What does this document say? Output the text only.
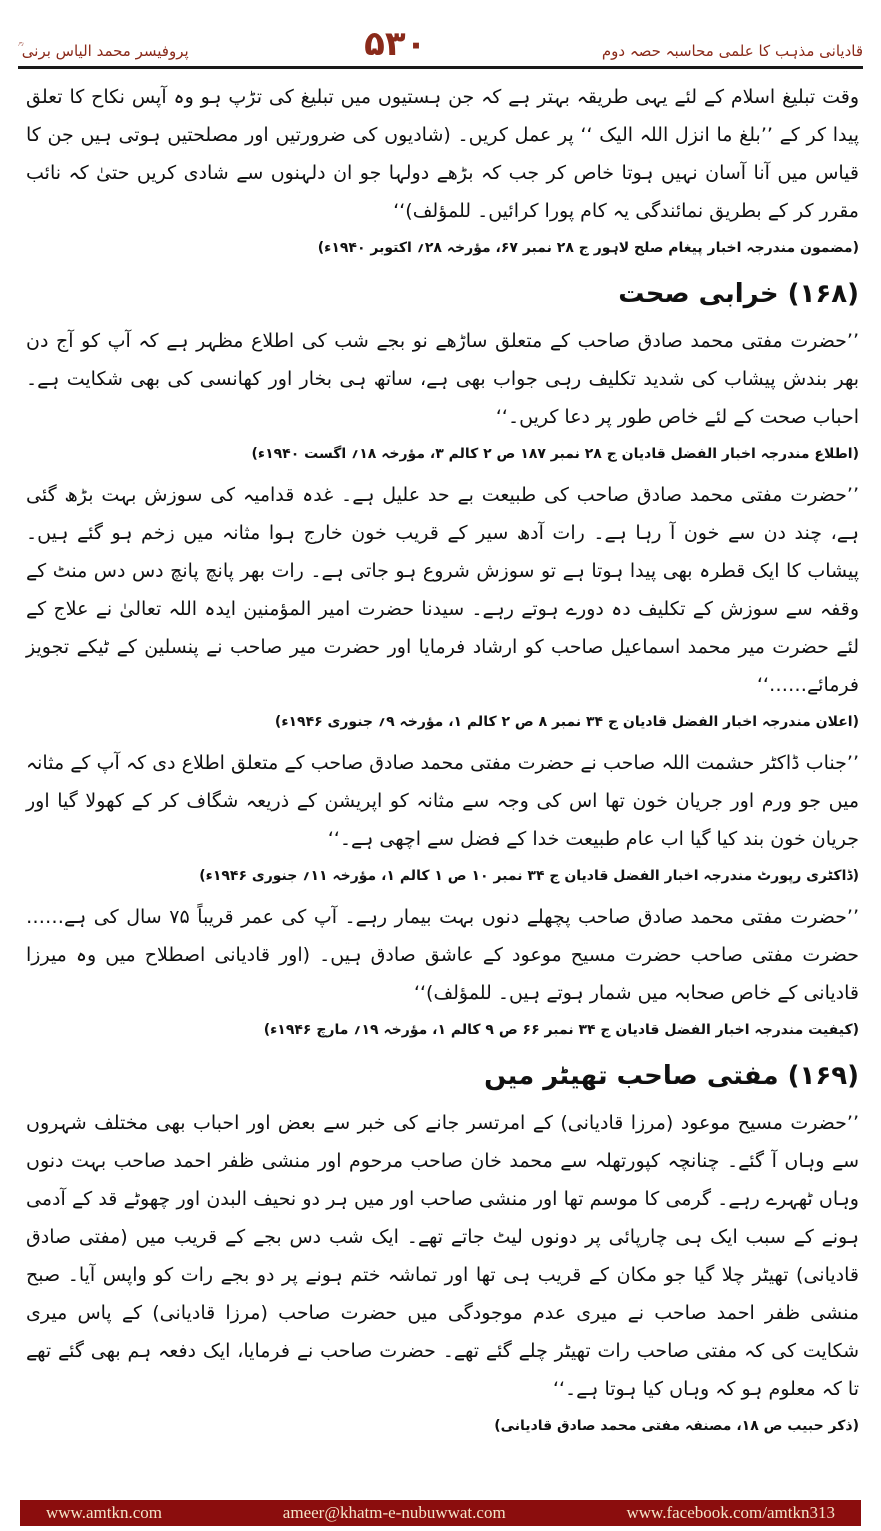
قادیانی مذہب کا علمی محاسبہ حصہ دوم
۵۳۰
پروفیسر محمد الیاس برنی ؒ

وقت تبلیغ اسلام کے لئے یہی طریقہ بہتر ہے کہ جن ہستیوں میں تبلیغ کی تڑپ ہو وہ آپس نکاح کا تعلق پیدا کر کے ’’بلغ ما انزل اللہ الیک ‘‘ پر عمل کریں۔ (شادیوں کی ضرورتیں اور مصلحتیں ہوتی ہیں جن کا قیاس میں آنا آسان نہیں ہوتا خاص کر جب کہ بڑھے دولہا جو ان دلہنوں سے شادی کریں حتیٰ کہ نائب مقرر کر کے بطریق نمائندگی یہ کام پورا کرائیں۔ للمؤلف)‘‘

(مضمون مندرجہ اخبار پیغام صلح لاہور ج ۲۸ نمبر ۶۷، مؤرخہ ۲۸؍ اکتوبر ۱۹۴۰ء)

(۱۶۸) خرابی صحت

’’حضرت مفتی محمد صادق صاحب کے متعلق ساڑھے نو بجے شب کی اطلاع مظہر ہے کہ آپ کو آج دن بھر بندش پیشاب کی شدید تکلیف رہی جواب بھی ہے، ساتھ ہی بخار اور کھانسی کی بھی شکایت ہے۔ احباب صحت کے لئے خاص طور پر دعا کریں۔‘‘

(اطلاع مندرجہ اخبار الفضل قادیان ج ۲۸ نمبر ۱۸۷ ص ۲ کالم ۳، مؤرخہ ۱۸؍ اگست ۱۹۴۰ء)

’’حضرت مفتی محمد صادق صاحب کی طبیعت بے حد علیل ہے۔ غدہ قدامیہ کی سوزش بہت بڑھ گئی ہے، چند دن سے خون آ رہا ہے۔ رات آدھ سیر کے قریب خون خارج ہوا مثانہ میں زخم ہو گئے ہیں۔ پیشاب کا ایک قطرہ بھی پیدا ہوتا ہے تو سوزش شروع ہو جاتی ہے۔ رات بھر پانچ پانچ دس دس منٹ کے وقفہ سے سوزش کے تکلیف دہ دورے ہوتے رہے۔ سیدنا حضرت امیر المؤمنین ایدہ اللہ تعالیٰ نے علاج کے لئے حضرت میر محمد اسماعیل صاحب کو ارشاد فرمایا اور حضرت میر صاحب نے پنسلین کے ٹیکے تجویز فرمائے……‘‘

(اعلان مندرجہ اخبار الفضل قادیان ج ۳۴ نمبر ۸ ص ۲ کالم ۱، مؤرخہ ۹؍ جنوری ۱۹۴۶ء)

’’جناب ڈاکٹر حشمت اللہ صاحب نے حضرت مفتی محمد صادق صاحب کے متعلق اطلاع دی کہ آپ کے مثانہ میں جو ورم اور جریان خون تھا اس کی وجہ سے مثانہ کو اپریشن کے ذریعہ شگاف کر کے کھولا گیا اور جریان خون بند کیا گیا اب عام طبیعت خدا کے فضل سے اچھی ہے۔‘‘

(ڈاکٹری رپورٹ مندرجہ اخبار الفضل قادیان ج ۳۴ نمبر ۱۰ ص ۱ کالم ۱، مؤرخہ ۱۱؍ جنوری ۱۹۴۶ء)

’’حضرت مفتی محمد صادق صاحب پچھلے دنوں بہت بیمار رہے۔ آپ کی عمر قریباً ۷۵ سال کی ہے……حضرت مفتی صاحب حضرت مسیح موعود کے عاشق صادق ہیں۔ (اور قادیانی اصطلاح میں وہ میرزا قادیانی کے خاص صحابہ میں شمار ہوتے ہیں۔ للمؤلف)‘‘

(کیفیت مندرجہ اخبار الفضل قادیان ج ۳۴ نمبر ۶۶ ص ۹ کالم ۱، مؤرخہ ۱۹؍ مارچ ۱۹۴۶ء)

(۱۶۹) مفتی صاحب تھیٹر میں

’’حضرت مسیح موعود (مرزا قادیانی) کے امرتسر جانے کی خبر سے بعض اور احباب بھی مختلف شہروں سے وہاں آ گئے۔ چنانچہ کپورتھلہ سے محمد خان صاحب مرحوم اور منشی ظفر احمد صاحب بہت دنوں وہاں ٹھہرے رہے۔ گرمی کا موسم تھا اور منشی صاحب اور میں ہر دو نحیف البدن اور چھوٹے قد کے آدمی ہونے کے سبب ایک ہی چارپائی پر دونوں لیٹ جاتے تھے۔ ایک شب دس بجے کے قریب میں (مفتی صادق قادیانی) تھیٹر چلا گیا جو مکان کے قریب ہی تھا اور تماشہ ختم ہونے پر دو بجے رات کو واپس آیا۔ صبح منشی ظفر احمد صاحب نے میری عدم موجودگی میں حضرت صاحب (مرزا قادیانی) کے پاس میری شکایت کی کہ مفتی صاحب رات تھیٹر چلے گئے تھے۔ حضرت صاحب نے فرمایا، ایک دفعہ ہم بھی گئے تھے تا کہ معلوم ہو کہ وہاں کیا ہوتا ہے۔‘‘

(ذکر حبیب ص ۱۸، مصنفہ مفتی محمد صادق قادیانی)

www.amtkn.com	ameer@khatm-e-nubuwwat.com	www.facebook.com/amtkn313
